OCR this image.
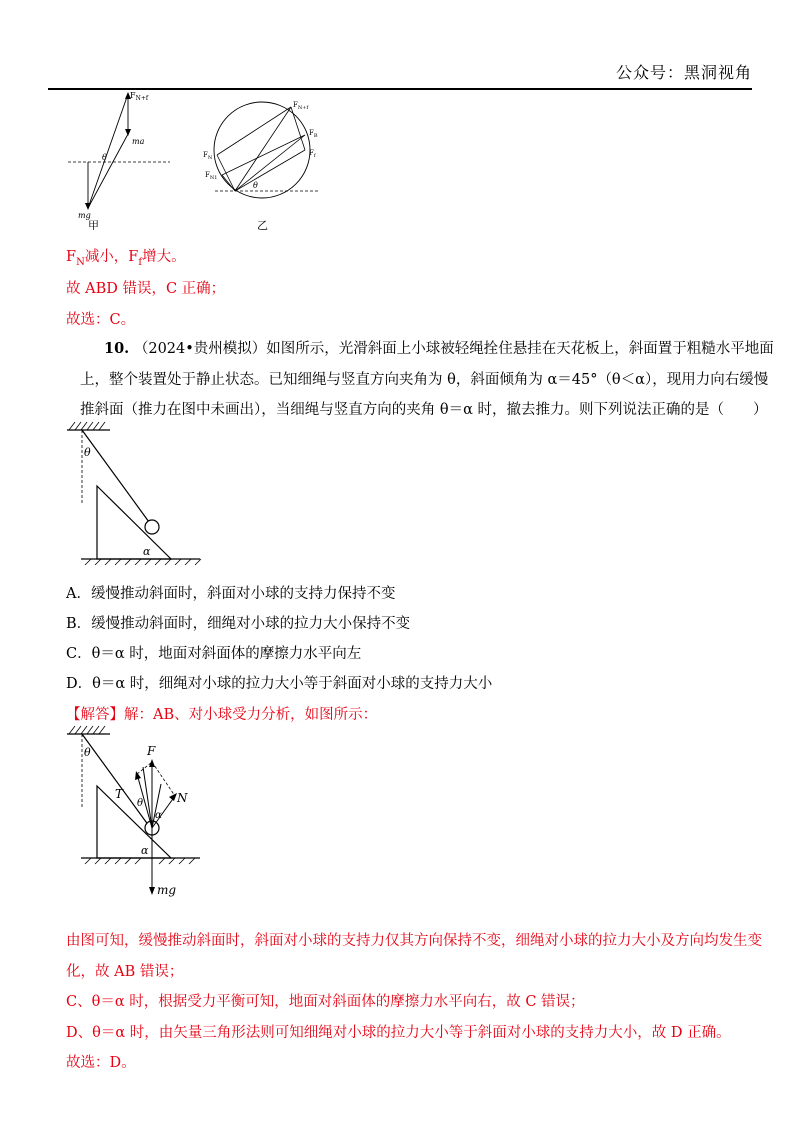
公众号：黑洞视角
$F_{N+f}$
ma
θ
mg
甲
$F_{N+f}$
$F_N$
$F_B$
$F_f$
$F_{N1}$
θ
乙
$F_N$减小，$F_f$增大。
故 ABD 错误，C 正确；
故选：C。
10. （2024•贵州模拟）如图所示，光滑斜面上小球被轻绳拴住悬挂在天花板上，斜面置于粗糙水平地面
上，整个装置处于静止状态。已知细绳与竖直方向夹角为 θ，斜面倾角为 α＝45°（θ＜α），现用力向右缓慢
推斜面（推力在图中未画出），当细绳与竖直方向的夹角 θ＝α 时，撤去推力。则下列说法正确的是（　　）
θ
α
A．缓慢推动斜面时，斜面对小球的支持力保持不变
B．缓慢推动斜面时，细绳对小球的拉力大小保持不变
C．θ＝α 时，地面对斜面体的摩擦力水平向左
D．θ＝α 时，细绳对小球的拉力大小等于斜面对小球的支持力大小
【解答】解：AB、对小球受力分析，如图所示：
θ	F
T
θ
α
N
α
mg
由图可知，缓慢推动斜面时，斜面对小球的支持力仅其方向保持不变，细绳对小球的拉力大小及方向均发生变
化，故 AB 错误；
C、θ＝α 时，根据受力平衡可知，地面对斜面体的摩擦力水平向右，故 C 错误；
D、θ＝α 时，由矢量三角形法则可知细绳对小球的拉力大小等于斜面对小球的支持力大小，故 D 正确。
故选：D。
